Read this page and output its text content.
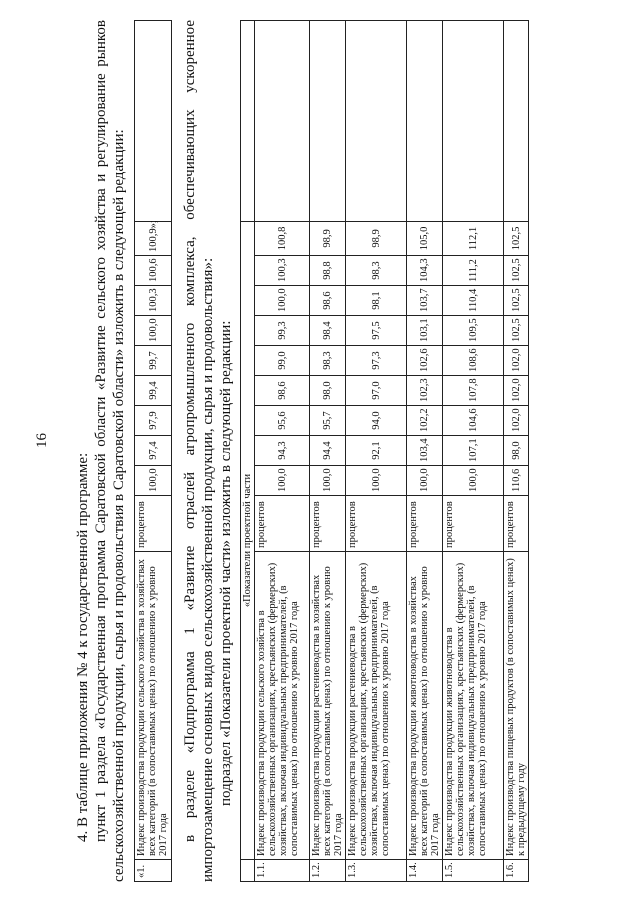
16

4. В таблице приложения № 4 к государственной программе: пункт 1 раздела «Государственная программа Саратовской области «Развитие сельского хозяйства и регулирование рынков сельскохозяйственной продукции, сырья и продовольствия в Саратовской области» изложить в следующей редакции: «1.	Индекс производства продукции сельского хозяйства в хозяйствах всех категорий (в сопоставимых ценах) по отношению к уровню 2017 года	процентов	100,0	97,4	97,9	99,4	99,7	100,0	100,3	100,6	100,9»;	в разделе «Подпрограмма 1 «Развитие отраслей агропромышленного комплекса, обеспечивающих ускоренное импортозамещение основных видов сельскохозяйственной продукции, сырья и продовольствия»: подраздел «Показатели проектной части» изложить в следующей редакции:

	«Показатели проектной части											
1.1.	Индекс производства продукции сельского хозяйства в сельскохозяйственных организациях, крестьянских (фермерских) хозяйствах, включая индивидуальных предпринимателей, (в сопоставимых ценах) по отношению к уровню 2017 года	процентов	100,0	94,3	95,6	98,6	99,0	99,3	100,0	100,3	100,8	
1.2.	Индекс производства продукции растениеводства в хозяйствах всех категорий (в сопоставимых ценах) по отношению к уровню 2017 года	процентов	100,0	94,4	95,7	98,0	98,3	98,4	98,6	98,8	98,9	
1.3.	Индекс производства продукции растениеводства в сельскохозяйственных организациях, крестьянских (фермерских) хозяйствах, включая индивидуальных предпринимателей, (в сопоставимых ценах) по отношению к уровню 2017 года	процентов	100,0	92,1	94,0	97,0	97,3	97,5	98,1	98,3	98,9	
1.4.	Индекс производства продукции животноводства в хозяйствах всех категорий (в сопоставимых ценах) по отношению к уровню 2017 года	процентов	100,0	103,4	102,2	102,3	102,6	103,1	103,7	104,3	105,0	
1.5.	Индекс производства продукции животноводства в сельскохозяйственных организациях, крестьянских (фермерских) хозяйствах, включая индивидуальных предпринимателей, (в сопоставимых ценах) по отношению к уровню 2017 года	процентов	100,0	107,1	104,6	107,8	108,6	109,5	110,4	111,2	112,1	
1.6.	Индекс производства пищевых продуктов (в сопоставимых ценах) к предыдущему году	процентов	110,6	98,0	102,0	102,0	102,0	102,5	102,5	102,5	102,5	
